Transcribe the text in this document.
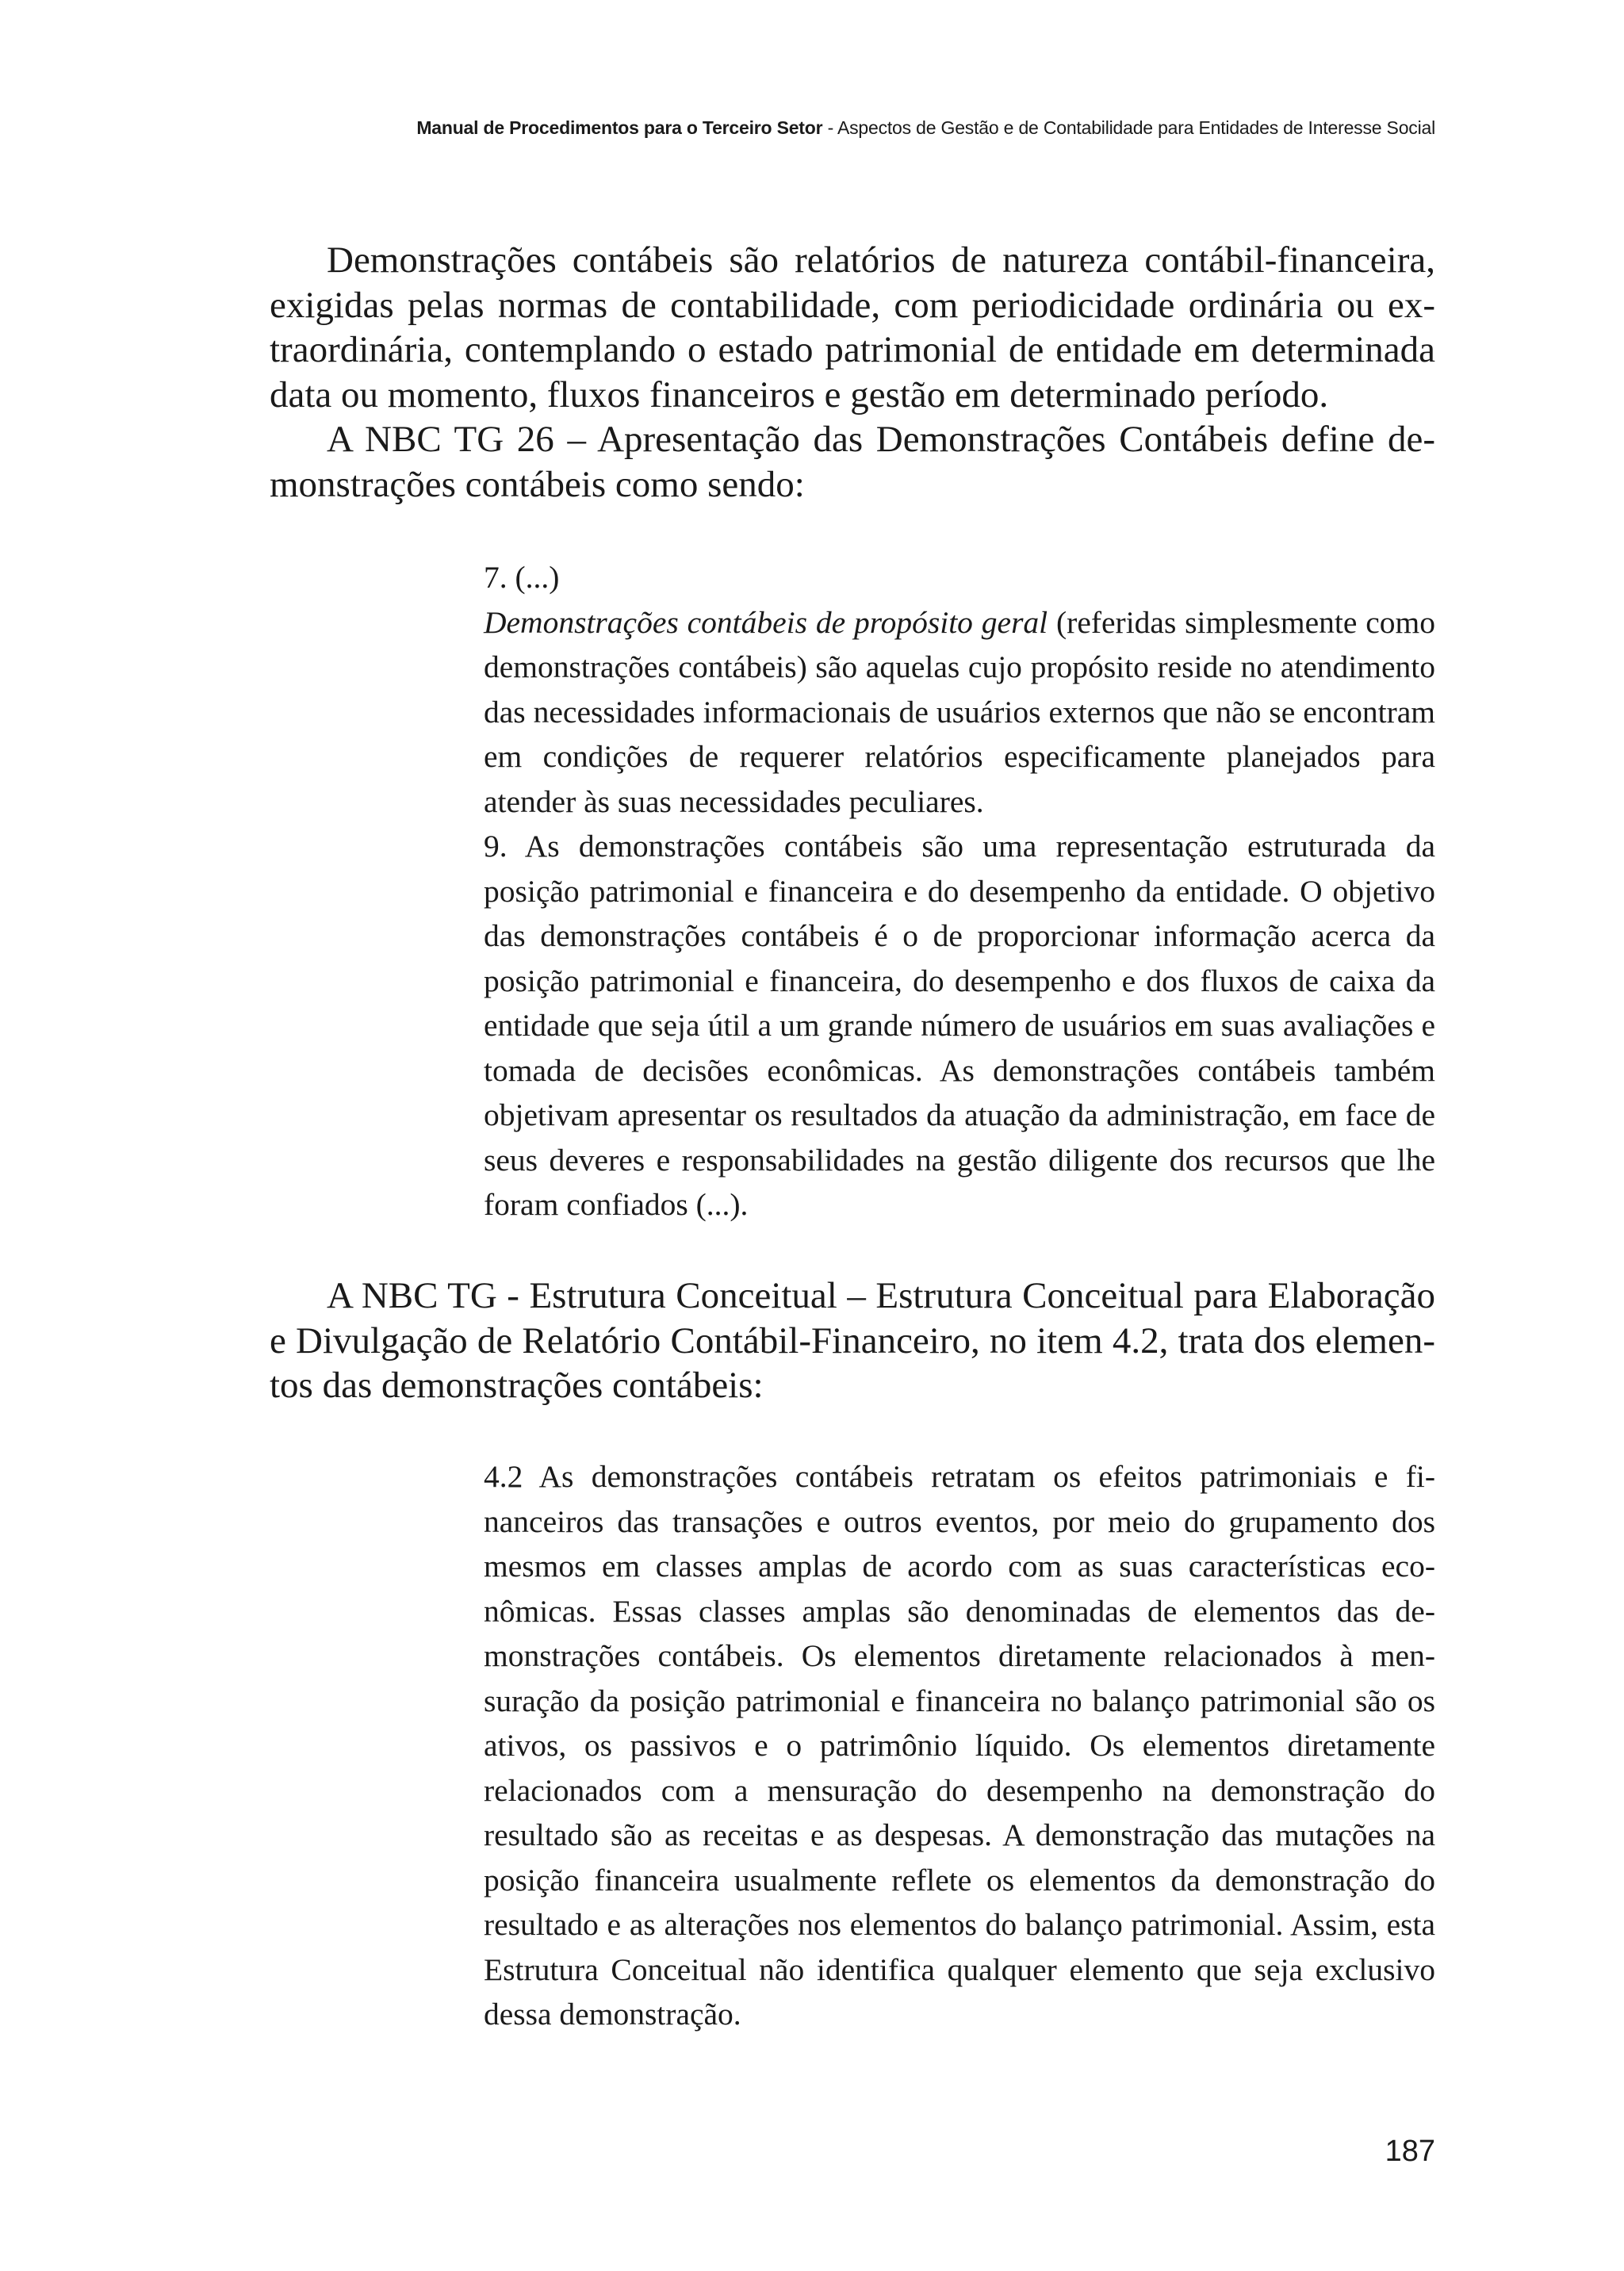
Manual de Procedimentos para o Terceiro Setor - Aspectos de Gestão e de Contabilidade para Entidades de Interesse Social

Demonstrações contábeis são relatórios de natureza contábil-financeira, exigidas pelas normas de contabilidade, com periodicidade ordinária ou extraordinária, contemplando o estado patrimonial de entidade em determinada data ou momento, fluxos financeiros e gestão em determinado período.

A NBC TG 26 – Apresentação das Demonstrações Contábeis define demonstrações contábeis como sendo:

7. (...)

Demonstrações contábeis de propósito geral (referidas simplesmente como demonstrações contábeis) são aquelas cujo propósito reside no atendimento das necessidades informacionais de usuários externos que não se encontram em condições de requerer relatórios especificamente planejados para atender às suas necessidades peculiares.

9. As demonstrações contábeis são uma representação estruturada da posição patrimonial e financeira e do desempenho da entidade. O objetivo das demonstrações contábeis é o de proporcionar informação acerca da posição patrimonial e financeira, do desempenho e dos fluxos de caixa da entidade que seja útil a um grande número de usuários em suas avaliações e tomada de decisões econômicas. As demonstrações contábeis também objetivam apresentar os resultados da atuação da administração, em face de seus deveres e responsabilidades na gestão diligente dos recursos que lhe foram confiados (...).

A NBC TG - Estrutura Conceitual – Estrutura Conceitual para Elaboração e Divulgação de Relatório Contábil-Financeiro, no item 4.2, trata dos elementos das demonstrações contábeis:

4.2 As demonstrações contábeis retratam os efeitos patrimoniais e financeiros das transações e outros eventos, por meio do grupamento dos mesmos em classes amplas de acordo com as suas características econômicas. Essas classes amplas são denominadas de elementos das demonstrações contábeis. Os elementos diretamente relacionados à mensuração da posição patrimonial e financeira no balanço patrimonial são os ativos, os passivos e o patrimônio líquido. Os elementos diretamente relacionados com a mensuração do desempenho na demonstração do resultado são as receitas e as despesas. A demonstração das mutações na posição financeira usualmente reflete os elementos da demonstração do resultado e as alterações nos elementos do balanço patrimonial. Assim, esta Estrutura Conceitual não identifica qualquer elemento que seja exclusivo dessa demonstração.

187
